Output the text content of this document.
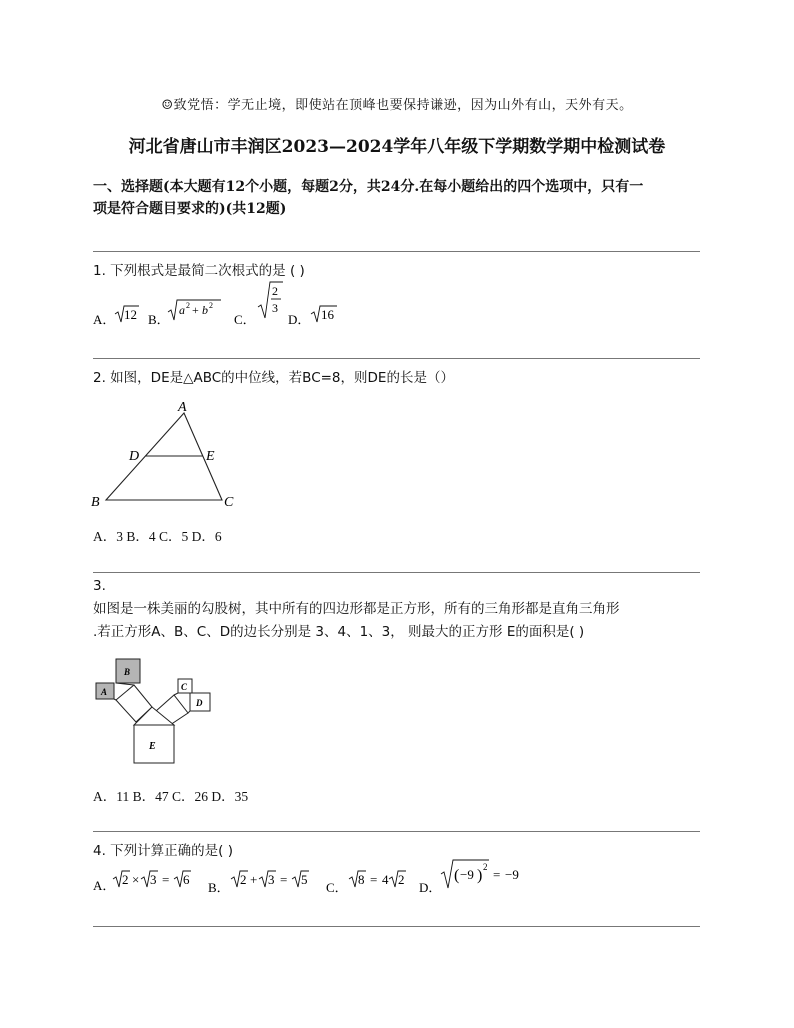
☺致党悟：学无止境，即使站在顶峰也要保持谦逊，因为山外有山，天外有天。
河北省唐山市丰润区2023—2024学年八年级下学期数学期中检测试卷
一、选择题(本大题有12个小题，每题2分，共24分.在每小题给出的四个选项中，只有一
项是符合题目要求的)(共12题)
1. 下列根式是最简二次根式的是 ( )
A． 12 B．
a 2 + b 2
C．
2
3
D． 16
2. 如图，DE是△ABC的中位线，若BC=8，则DE的长是（）
A
B	C
D	E
A．3 B．4 C．5 D．6
3.
如图是一株美丽的勾股树，其中所有的四边形都是正方形，所有的三角形都是直角三角形
.若正方形A、B、C、D的边长分别是 3、4、1、3， 则最大的正方形 E的面积是( )
E
B
A	C
D
A．11 B．47 C．26 D．35
4. 下列计算正确的是( )
A． 2 × 3 = 6
B．
2 + 3 = 5
C．
8 = 4 2
D．
( −9 ) 2 = −9
